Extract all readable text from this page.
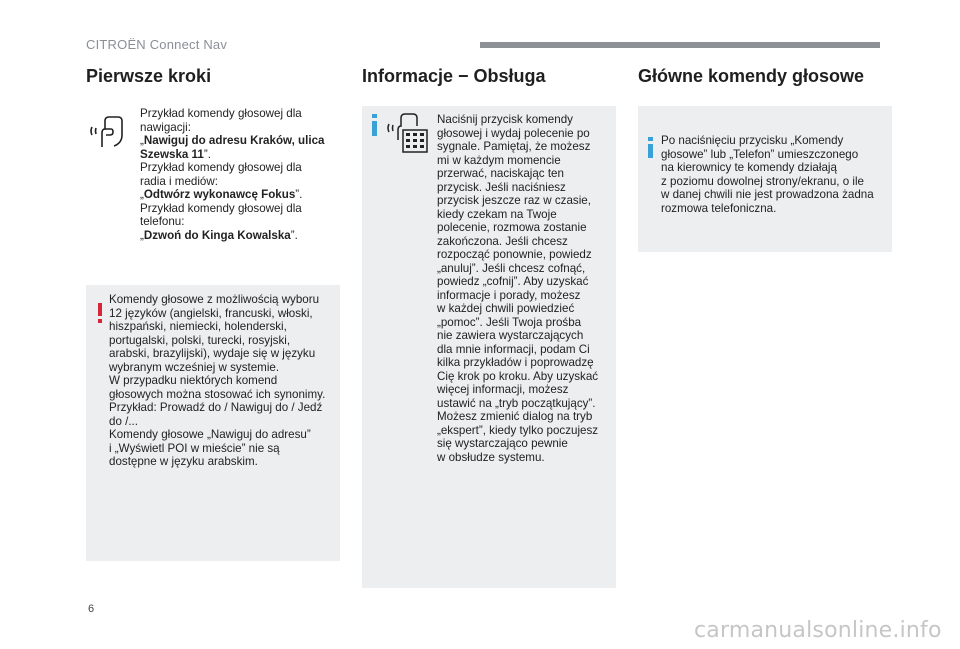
CITROËN Connect Nav
Pierwsze kroki
Przykład komendy głosowej dla
nawigacji:
„Nawiguj do adresu Kraków, ulica
Szewska 11”.
Przykład komendy głosowej dla
radia i mediów:
„Odtwórz wykonawcę Fokus”.
Przykład komendy głosowej dla
telefonu:
„Dzwoń do Kinga Kowalska”.
Komendy głosowe z możliwością wyboru
12 języków (angielski, francuski, włoski,
hiszpański, niemiecki, holenderski,
portugalski, polski, turecki, rosyjski,
arabski, brazylijski), wydaje się w języku
wybranym wcześniej w systemie.
W przypadku niektórych komend
głosowych można stosować ich synonimy.
Przykład: Prowadź do / Nawiguj do / Jedź
do /...
Komendy głosowe „Nawiguj do adresu”
i „Wyświetl POI w mieście” nie są
dostępne w języku arabskim.
Informacje − Obsługa
Naciśnij przycisk komendy
głosowej i wydaj polecenie po
sygnale. Pamiętaj, że możesz
mi w każdym momencie
przerwać, naciskając ten
przycisk. Jeśli naciśniesz
przycisk jeszcze raz w czasie,
kiedy czekam na Twoje
polecenie, rozmowa zostanie
zakończona. Jeśli chcesz
rozpocząć ponownie, powiedz
„anuluj”. Jeśli chcesz cofnąć,
powiedz „cofnij”. Aby uzyskać
informacje i porady, możesz
w każdej chwili powiedzieć
„pomoc”. Jeśli Twoja prośba
nie zawiera wystarczających
dla mnie informacji, podam Ci
kilka przykładów i poprowadzę
Cię krok po kroku. Aby uzyskać
więcej informacji, możesz
ustawić na „tryb początkujący”.
Możesz zmienić dialog na tryb
„ekspert”, kiedy tylko poczujesz
się wystarczająco pewnie
w obsłudze systemu.
Główne komendy głosowe
Po naciśnięciu przycisku „Komendy
głosowe” lub „Telefon” umieszczonego
na kierownicy te komendy działają
z poziomu dowolnej strony/ekranu, o ile
w danej chwili nie jest prowadzona żadna
rozmowa telefoniczna.
6
carmanualsonline.info
